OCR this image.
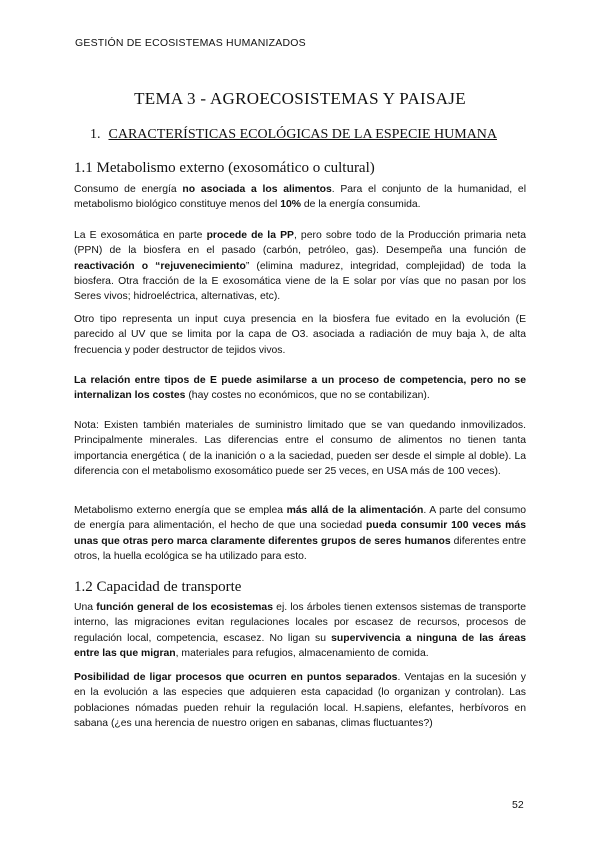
GESTIÓN DE ECOSISTEMAS HUMANIZADOS
TEMA 3 - AGROECOSISTEMAS Y PAISAJE
1. CARACTERÍSTICAS ECOLÓGICAS DE LA ESPECIE HUMANA
1.1 Metabolismo externo (exosomático o cultural)
Consumo de energía no asociada a los alimentos. Para el conjunto de la humanidad, el metabolismo biológico constituye menos del 10% de la energía consumida.
La E exosomática en parte procede de la PP, pero sobre todo de la Producción primaria neta (PPN) de la biosfera en el pasado (carbón, petróleo, gas). Desempeña una función de reactivación o “rejuvenecimiento” (elimina madurez, integridad, complejidad) de toda la biosfera. Otra fracción de la E exosomática viene de la E solar por vías que no pasan por los Seres vivos; hidroeléctrica, alternativas, etc).
Otro tipo representa un input cuya presencia en la biosfera fue evitado en la evolución (E parecido al UV que se limita por la capa de O3. asociada a radiación de muy baja λ, de alta frecuencia y poder destructor de tejidos vivos.
La relación entre tipos de E puede asimilarse a un proceso de competencia, pero no se internalizan los costes (hay costes no económicos, que no se contabilizan).
Nota: Existen también materiales de suministro limitado que se van quedando inmovilizados. Principalmente minerales. Las diferencias entre el consumo de alimentos no tienen tanta importancia energética ( de la inanición o a la saciedad, pueden ser desde el simple al doble). La diferencia con el metabolismo exosomático puede ser 25 veces, en USA más de 100 veces).
Metabolismo externo energía que se emplea más allá de la alimentación. A parte del consumo de energía para alimentación, el hecho de que una sociedad pueda consumir 100 veces más unas que otras pero marca claramente diferentes grupos de seres humanos diferentes entre otros, la huella ecológica se ha utilizado para esto.
1.2 Capacidad de transporte
Una función general de los ecosistemas ej. los árboles tienen extensos sistemas de transporte interno, las migraciones evitan regulaciones locales por escasez de recursos, procesos de regulación local, competencia, escasez. No ligan su supervivencia a ninguna de las áreas entre las que migran, materiales para refugios, almacenamiento de comida.
Posibilidad de ligar procesos que ocurren en puntos separados. Ventajas en la sucesión y en la evolución a las especies que adquieren esta capacidad (lo organizan y controlan). Las poblaciones nómadas pueden rehuir la regulación local. H.sapiens, elefantes, herbívoros en sabana (¿es una herencia de nuestro origen en sabanas, climas fluctuantes?)
52
